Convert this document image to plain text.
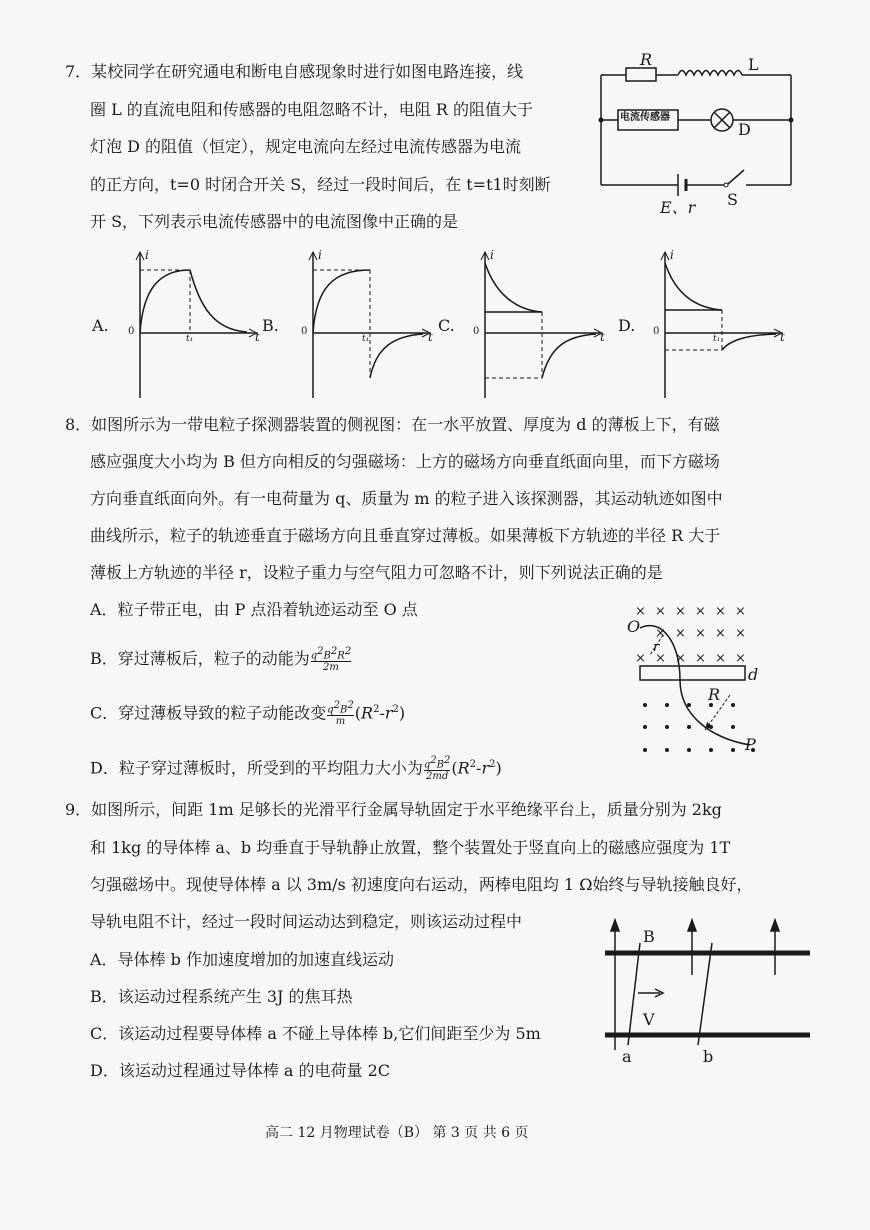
7．某校同学在研究通电和断电自感现象时进行如图电路连接，线
圈 L 的直流电阻和传感器的电阻忽略不计，电阻 R 的阻值大于
灯泡 D 的阻值（恒定），规定电流向左经过电流传感器为电流
的正方向，t=0 时闭合开关 S，经过一段时间后，在 t=t1时刻断
开 S，下列表示电流传感器中的电流图像中正确的是
R	L
电流传感器
D
E、r S
A.	B.	C.	D.
i
0
t₁	t
i
0
t₁	t
i
0	t
i
0
t₁	t
8．如图所示为一带电粒子探测器装置的侧视图：在一水平放置、厚度为 d 的薄板上下，有磁
感应强度大小均为 B 但方向相反的匀强磁场：上方的磁场方向垂直纸面向里，而下方磁场
方向垂直纸面向外。有一电荷量为 q、质量为 m 的粒子进入该探测器，其运动轨迹如图中
曲线所示，粒子的轨迹垂直于磁场方向且垂直穿过薄板。如果薄板下方轨迹的半径 R 大于
薄板上方轨迹的半径 r，设粒子重力与空气阻力可忽略不计，则下列说法正确的是
A．粒子带正电，由 P 点沿着轨迹运动至 O 点
B．穿过薄板后，粒子的动能为 $\frac{q^2B^2R^2}{2m}$
C．穿过薄板导致的粒子动能改变 $\frac{q^2B^2}{m} (R^2-r^2)$
D．粒子穿过薄板时，所受到的平均阻力大小为 $\frac{q^2B^2}{2md} (R^2-r^2)$
× × × × × ×
× × × × ×
× × × × × ×
O
r
R
d
P
9．如图所示，间距 1m 足够长的光滑平行金属导轨固定于水平绝缘平台上，质量分别为 2kg
和 1kg 的导体棒 a、b 均垂直于导轨静止放置，整个装置处于竖直向上的磁感应强度为 1T
匀强磁场中。现使导体棒 a 以 3m/s 初速度向右运动，两棒电阻均 1 Ω始终与导轨接触良好，
导轨电阻不计，经过一段时间运动达到稳定，则该运动过程中
A．导体棒 b 作加速度增加的加速直线运动
B．该运动过程系统产生 3J 的焦耳热
C．该运动过程要导体棒 a 不碰上导体棒 b,它们间距至少为 5m
D．该运动过程通过导体棒 a 的电荷量 2C
B
V
a	b
高二 12 月物理试卷（B） 第 3 页 共 6 页
